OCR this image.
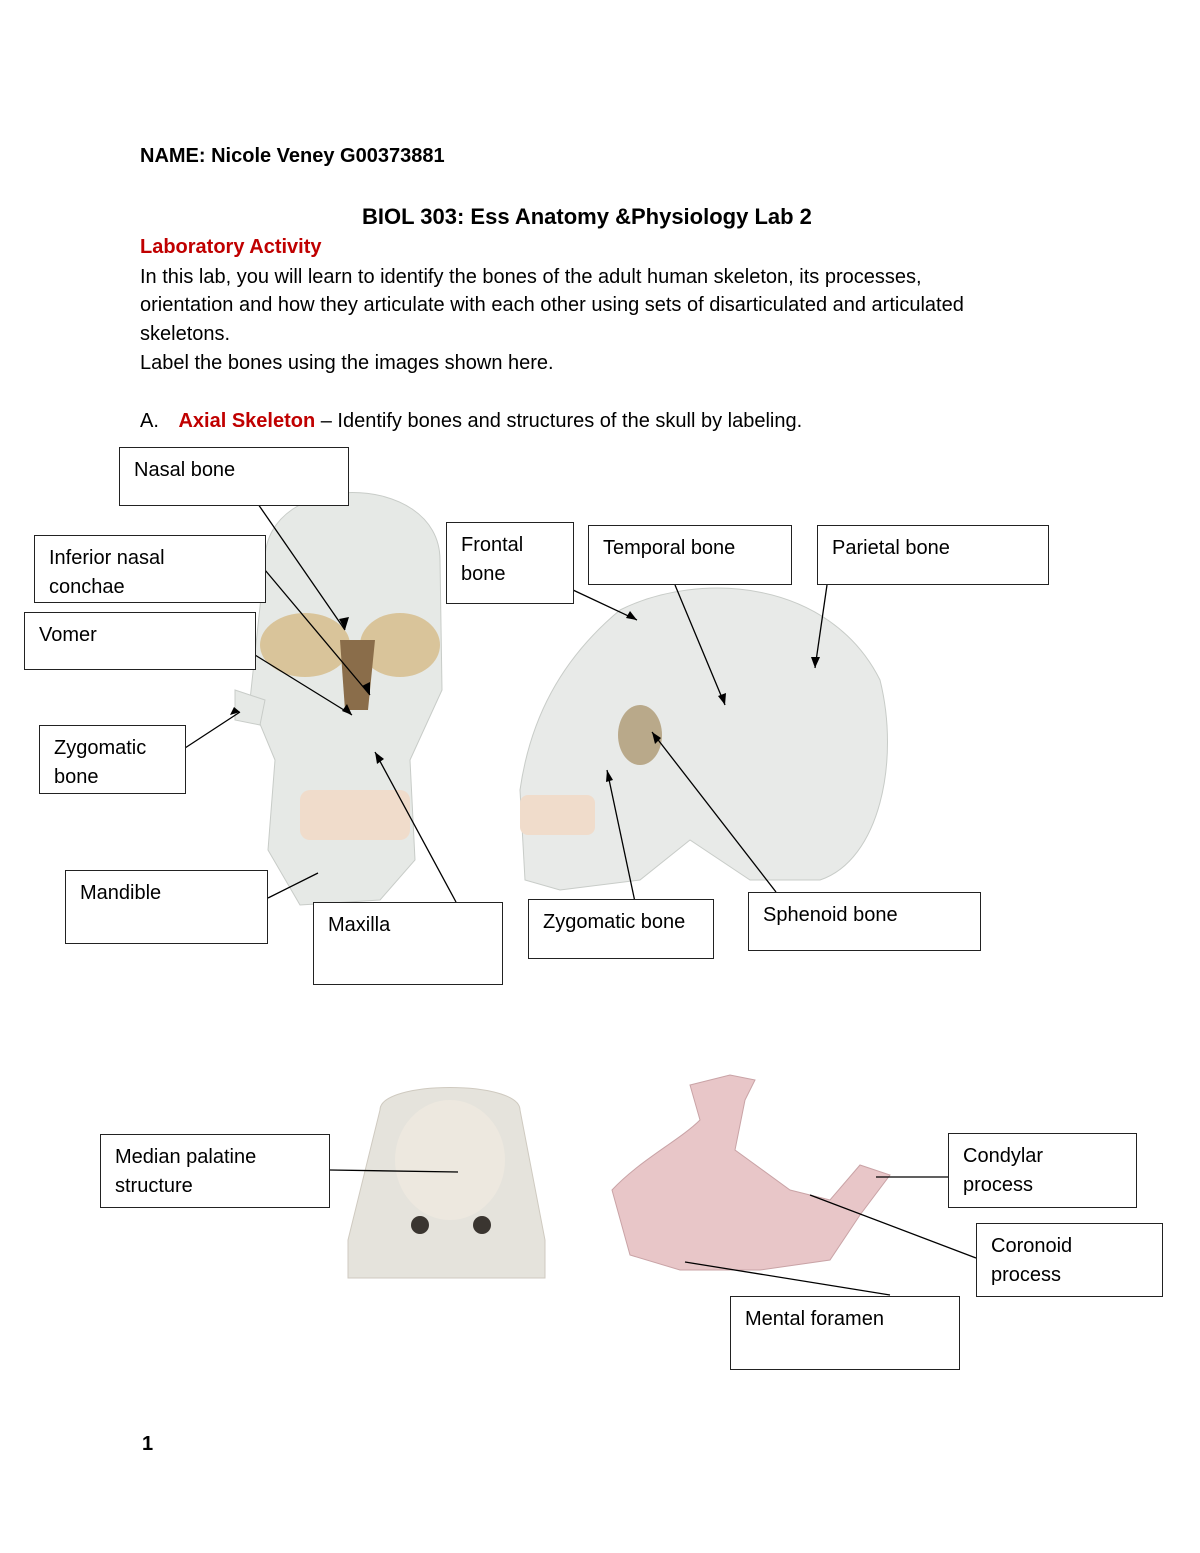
NAME: Nicole Veney G00373881
BIOL 303: Ess Anatomy &Physiology Lab 2
Laboratory Activity
In this lab, you will learn to identify the bones of the adult human skeleton, its processes,
orientation and how they articulate with each other using sets of disarticulated and articulated
skeletons.
Label the bones using the images shown here.
A. Axial Skeleton – Identify bones and structures of the skull by labeling.
Nasal bone
Inferior nasal
conchae
Vomer
Zygomatic
bone
Mandible
Maxilla
Frontal
bone
Temporal bone	Parietal bone
Zygomatic bone	Sphenoid bone
Median palatine
structure
Condylar
process
Coronoid
process
Mental foramen
1
